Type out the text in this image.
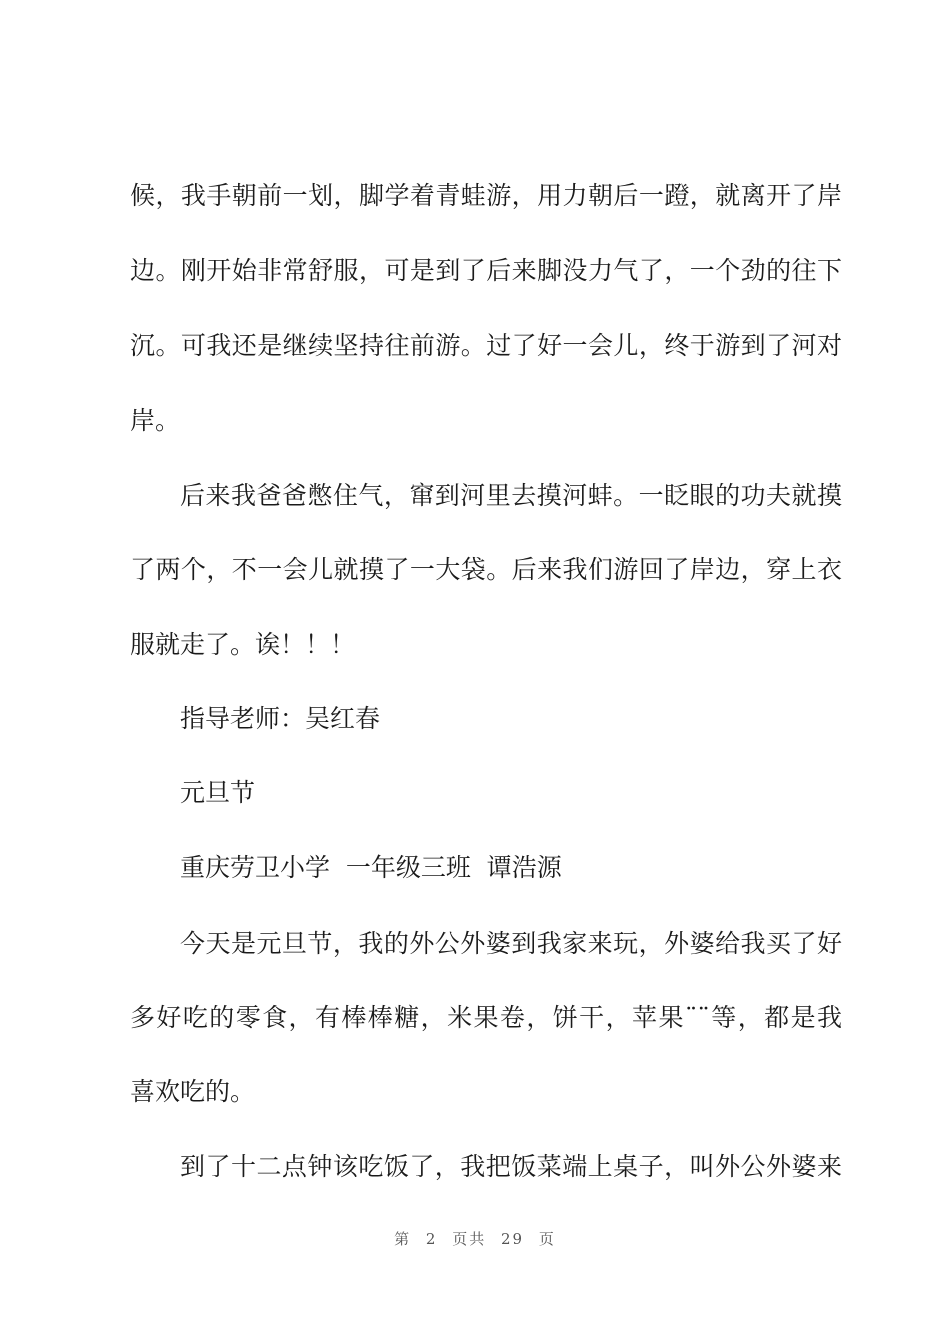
候，我手朝前一划，脚学着青蛙游，用力朝后一蹬，就离开了岸
边。刚开始非常舒服，可是到了后来脚没力气了，一个劲的往下
沉。可我还是继续坚持往前游。过了好一会儿，终于游到了河对
岸。
后来我爸爸憋住气，窜到河里去摸河蚌。一眨眼的功夫就摸
了两个，不一会儿就摸了一大袋。后来我们游回了岸边，穿上衣
服就走了。诶！！！
指导老师：吴红春
元旦节
重庆劳卫小学  一年级三班  谭浩源
今天是元旦节，我的外公外婆到我家来玩，外婆给我买了好
多好吃的零食，有棒棒糖，米果卷，饼干，苹果¨¨等，都是我
喜欢吃的。
到了十二点钟该吃饭了，我把饭菜端上桌子，叫外公外婆来
第 2 页共 29 页
